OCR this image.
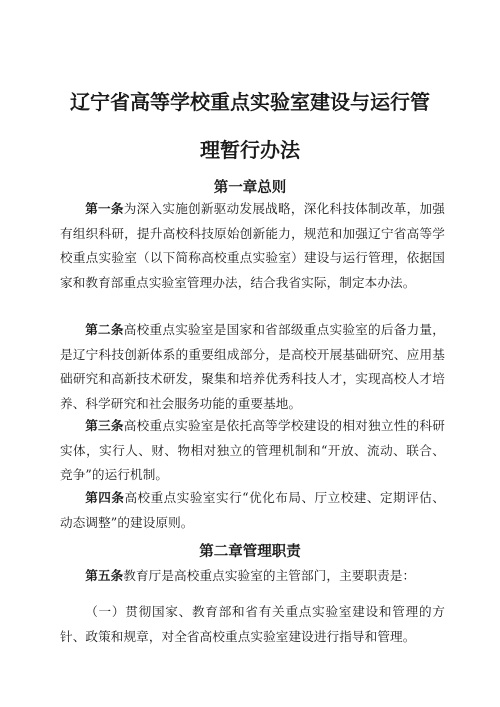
辽宁省高等学校重点实验室建设与运行管
理暂行办法
第一章总则
第一条为深入实施创新驱动发展战略，深化科技体制改革，加强有组织科研，提升高校科技原始创新能力，规范和加强辽宁省高等学校重点实验室（以下简称高校重点实验室）建设与运行管理，依据国家和教育部重点实验室管理办法，结合我省实际，制定本办法。
第二条高校重点实验室是国家和省部级重点实验室的后备力量，是辽宁科技创新体系的重要组成部分，是高校开展基础研究、应用基础研究和高新技术研发，聚集和培养优秀科技人才，实现高校人才培养、科学研究和社会服务功能的重要基地。
第三条高校重点实验室是依托高等学校建设的相对独立性的科研实体，实行人、财、物相对独立的管理机制和“开放、流动、联合、竞争”的运行机制。
第四条高校重点实验室实行“优化布局、厅立校建、定期评估、动态调整”的建设原则。
第二章管理职责
第五条教育厅是高校重点实验室的主管部门，主要职责是：
（一）贯彻国家、教育部和省有关重点实验室建设和管理的方针、政策和规章，对全省高校重点实验室建设进行指导和管理。
